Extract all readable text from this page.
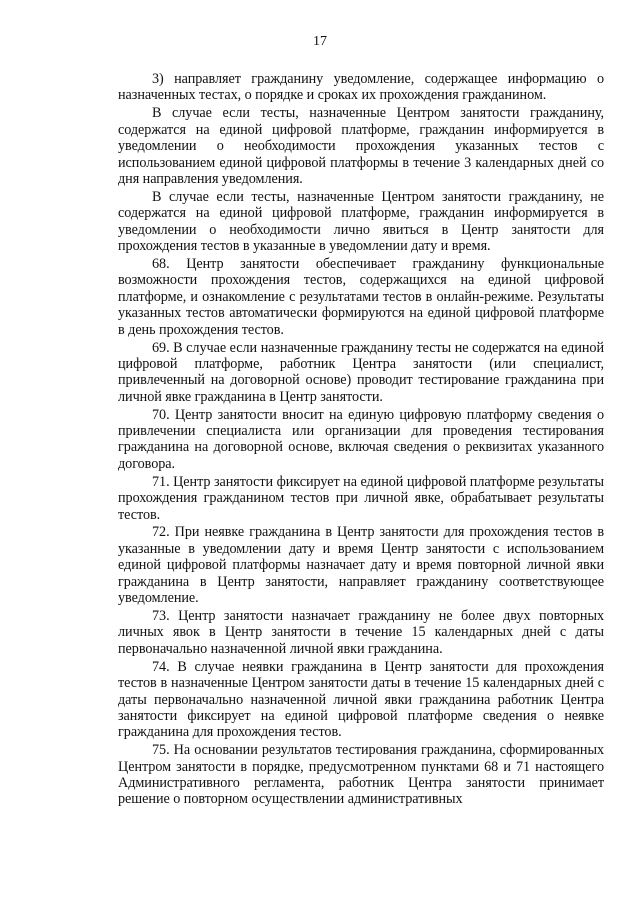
17

3) направляет гражданину уведомление, содержащее информацию о назначенных тестах, о порядке и сроках их прохождения гражданином.

В случае если тесты, назначенные Центром занятости гражданину, содержатся на единой цифровой платформе, гражданин информируется в уведомлении о необходимости прохождения указанных тестов с использованием единой цифровой платформы в течение 3 календарных дней со дня направления уведомления.

В случае если тесты, назначенные Центром занятости гражданину, не содержатся на единой цифровой платформе, гражданин информируется в уведомлении о необходимости лично явиться в Центр занятости для прохождения тестов в указанные в уведомлении дату и время.

68. Центр занятости обеспечивает гражданину функциональные возможности прохождения тестов, содержащихся на единой цифровой платформе, и ознакомление с результатами тестов в онлайн-режиме. Результаты указанных тестов автоматически формируются на единой цифровой платформе в день прохождения тестов.

69. В случае если назначенные гражданину тесты не содержатся на единой цифровой платформе, работник Центра занятости (или специалист, привлеченный на договорной основе) проводит тестирование гражданина при личной явке гражданина в Центр занятости.

70. Центр занятости вносит на единую цифровую платформу сведения о привлечении специалиста или организации для проведения тестирования гражданина на договорной основе, включая сведения о реквизитах указанного договора.

71. Центр занятости фиксирует на единой цифровой платформе результаты прохождения гражданином тестов при личной явке, обрабатывает результаты тестов.

72. При неявке гражданина в Центр занятости для прохождения тестов в указанные в уведомлении дату и время Центр занятости с использованием единой цифровой платформы назначает дату и время повторной личной явки гражданина в Центр занятости, направляет гражданину соответствующее уведомление.

73. Центр занятости назначает гражданину не более двух повторных личных явок в Центр занятости в течение 15 календарных дней с даты первоначально назначенной личной явки гражданина.

74. В случае неявки гражданина в Центр занятости для прохождения тестов в назначенные Центром занятости даты в течение 15 календарных дней с даты первоначально назначенной личной явки гражданина работник Центра занятости фиксирует на единой цифровой платформе сведения о неявке гражданина для прохождения тестов.

75. На основании результатов тестирования гражданина, сформированных Центром занятости в порядке, предусмотренном пунктами 68 и 71 настоящего Административного регламента, работник Центра занятости принимает решение о повторном осуществлении административных
